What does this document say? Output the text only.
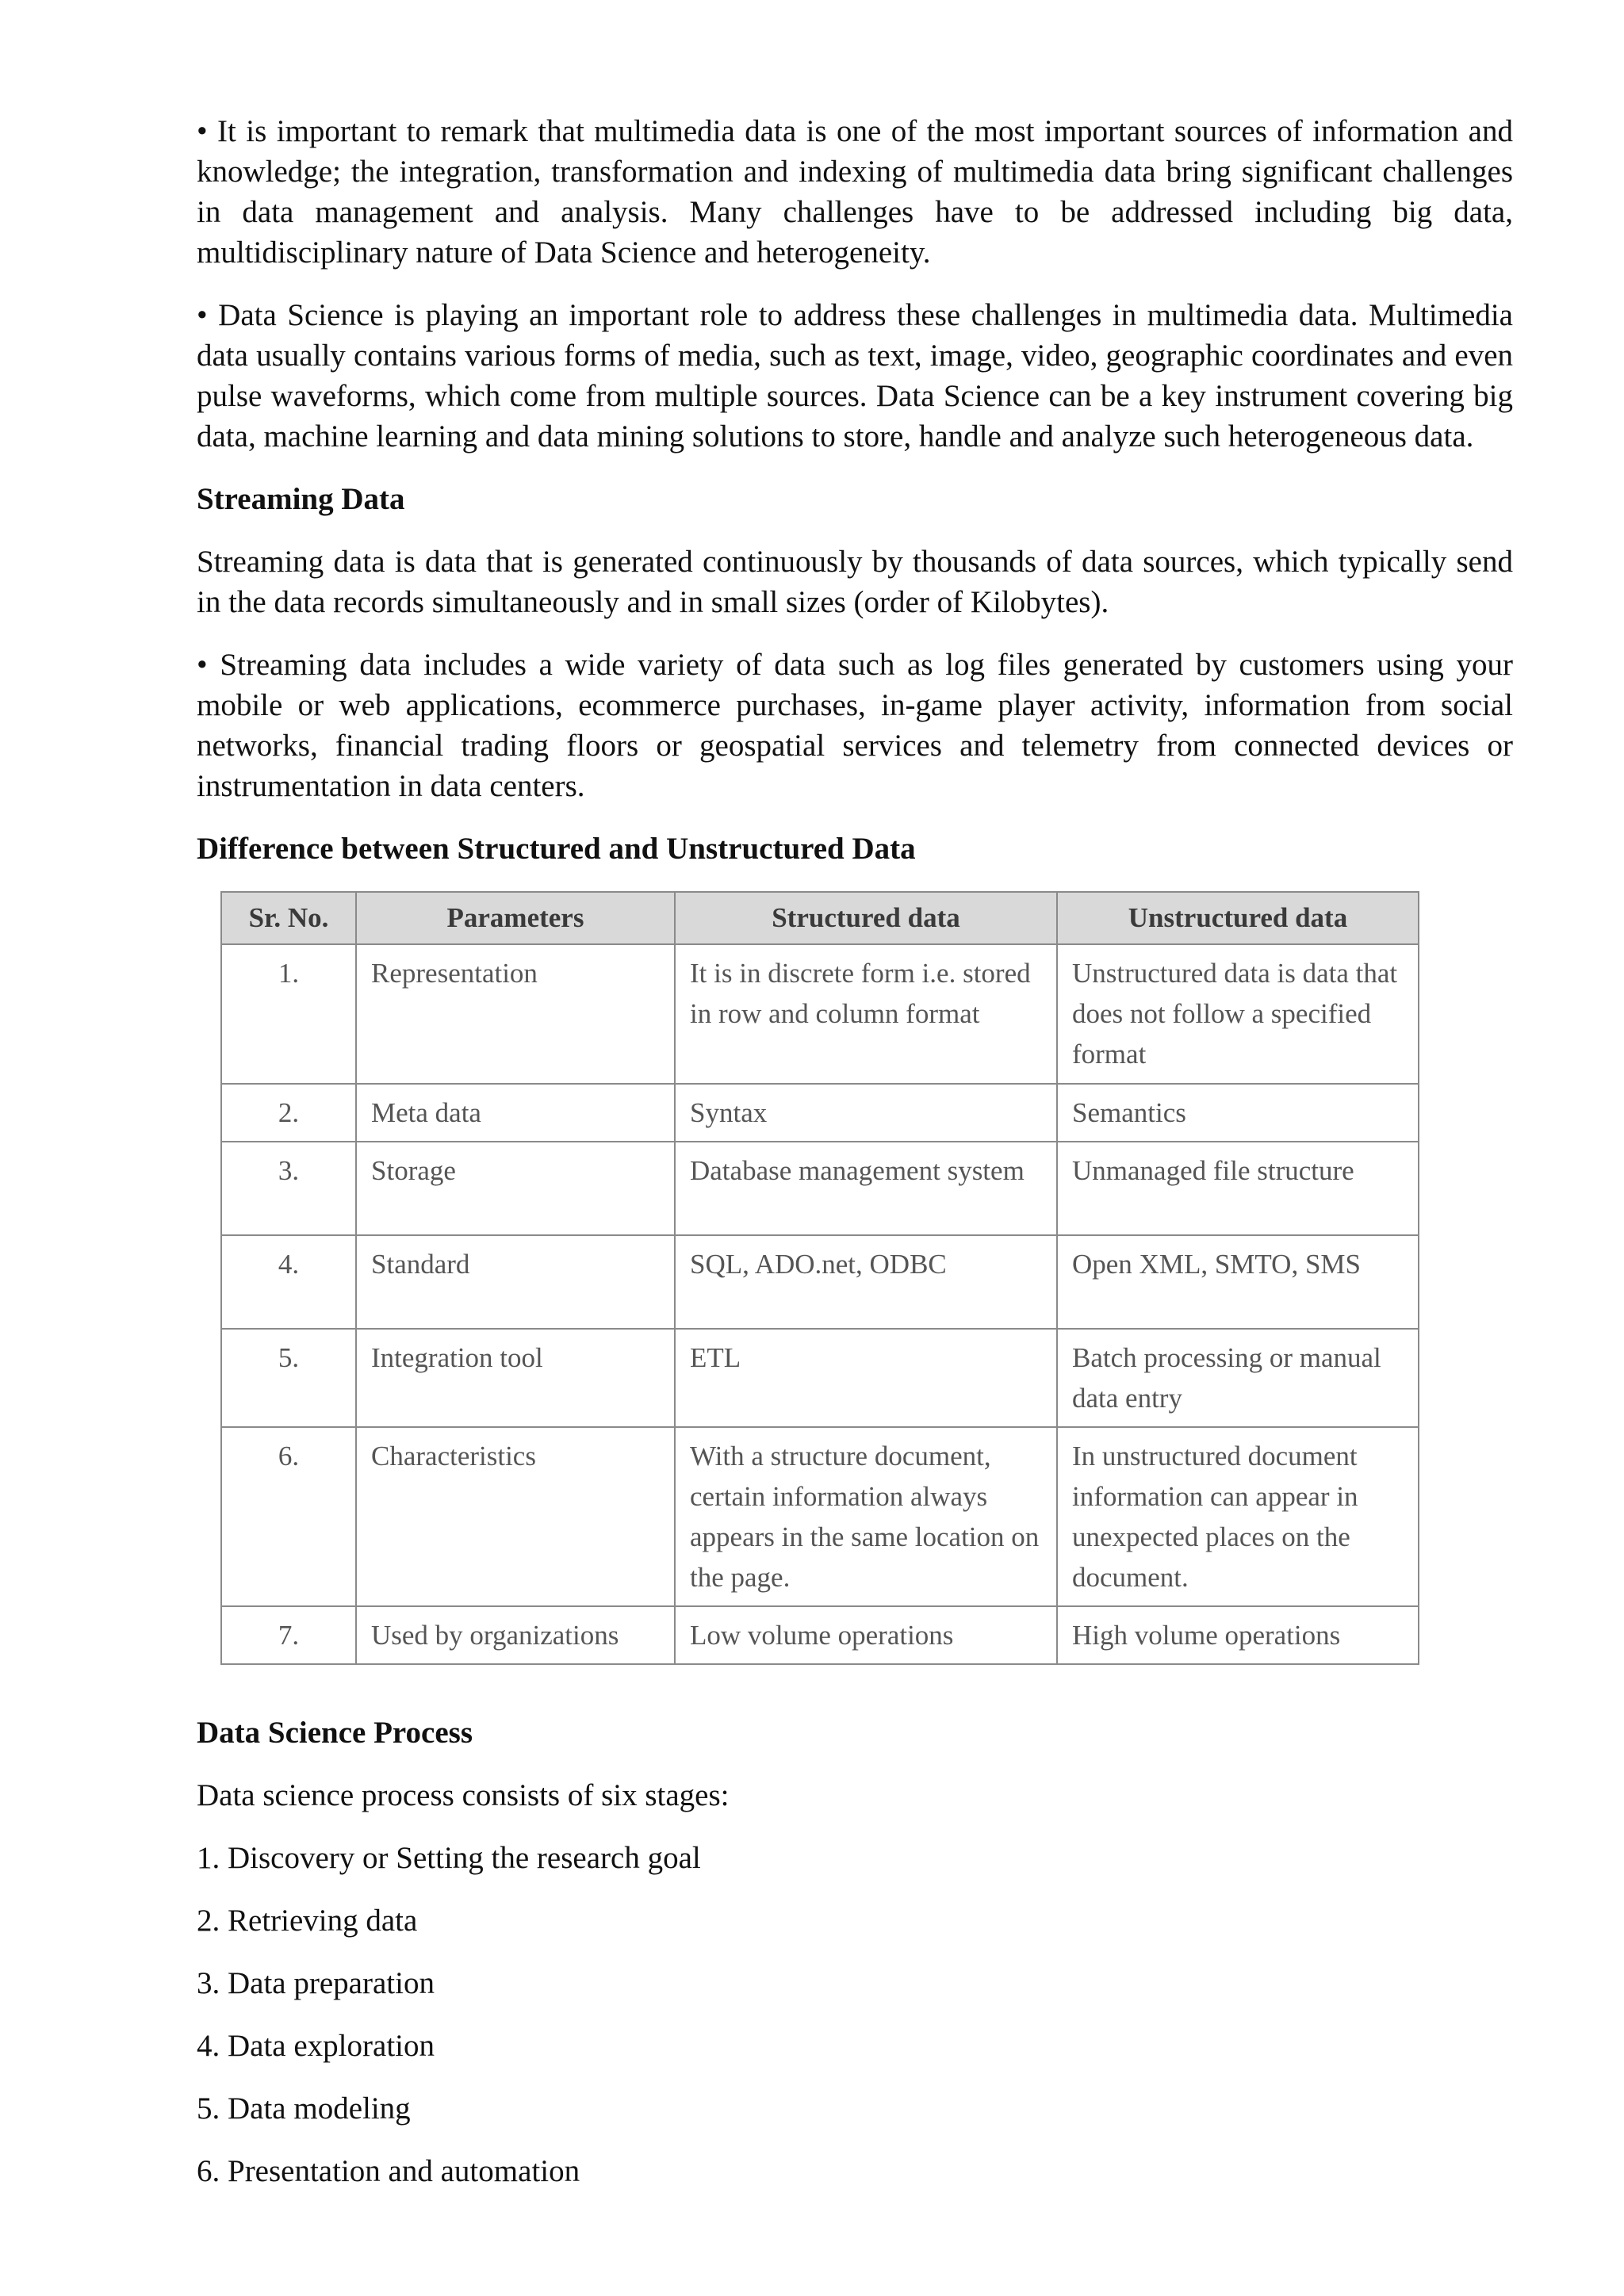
• It is important to remark that multimedia data is one of the most important sources of information and knowledge; the integration, transformation and indexing of multimedia data bring significant challenges in data management and analysis. Many challenges have to be addressed including big data, multidisciplinary nature of Data Science and heterogeneity.

• Data Science is playing an important role to address these challenges in multimedia data. Multimedia data usually contains various forms of media, such as text, image, video, geographic coordinates and even pulse waveforms, which come from multiple sources. Data Science can be a key instrument covering big data, machine learning and data mining solutions to store, handle and analyze such heterogeneous data.

Streaming Data

Streaming data is data that is generated continuously by thousands of data sources, which typically send in the data records simultaneously and in small sizes (order of Kilobytes).

• Streaming data includes a wide variety of data such as log files generated by customers using your mobile or web applications, ecommerce purchases, in-game player activity, information from social networks, financial trading floors or geospatial services and telemetry from connected devices or instrumentation in data centers.

Difference between Structured and Unstructured Data
Sr. No.	Parameters	Structured data	Unstructured data
1.	Representation	It is in discrete form i.e. stored in row and column format	Unstructured data is data that does not follow a specified format
2.	Meta data	Syntax	Semantics
3.	Storage	Database management system	Unmanaged file structure
4.	Standard	SQL, ADO.net, ODBC	Open XML, SMTO, SMS
5.	Integration tool	ETL	Batch processing or manual data entry
6.	Characteristics	With a structure document, certain information always appears in the same location on the page.	In unstructured document information can appear in unexpected places on the document.
7.	Used by organizations	Low volume operations	High volume operations
Data Science Process
Data science process consists of six stages:
1. Discovery or Setting the research goal
2. Retrieving data
3. Data preparation
4. Data exploration
5. Data modeling
6. Presentation and automation
